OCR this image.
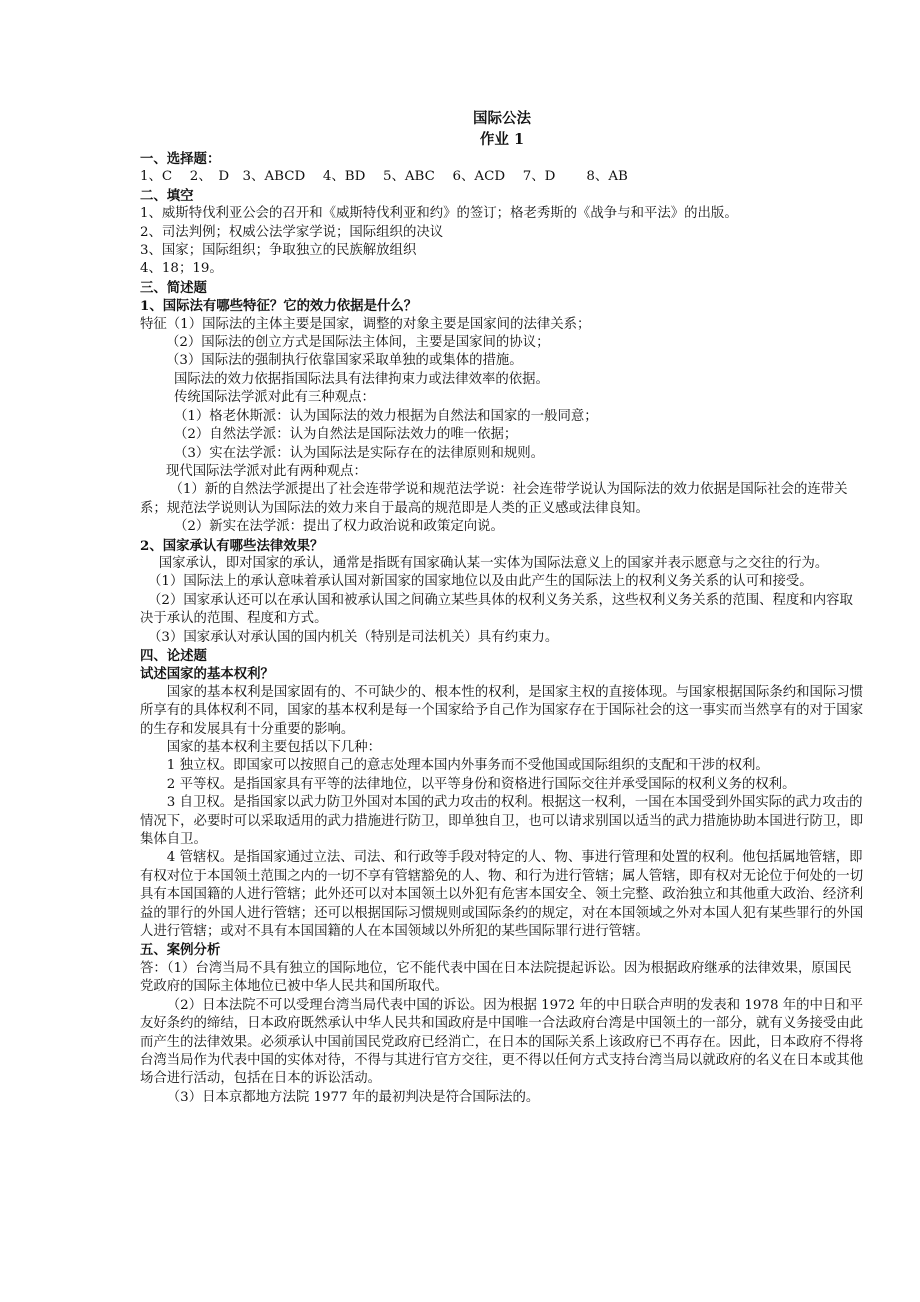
国际公法
作业 1
一、选择题：
1、C　 2、　D　3、ABCD　 4、BD　 5、ABC　 6、ACD　 7、D　　 8、AB
二、填空
1、威斯特伐利亚公会的召开和《威斯特伐利亚和约》的签订；格老秀斯的《战争与和平法》的出版。
2、司法判例；权威公法学家学说；国际组织的决议
3、国家；国际组织；争取独立的民族解放组织
4、18；19。
三、简述题
1、国际法有哪些特征？它的效力依据是什么？
特征（1）国际法的主体主要是国家，调整的对象主要是国家间的法律关系；
（2）国际法的创立方式是国际法主体间，主要是国家间的协议；
（3）国际法的强制执行依靠国家采取单独的或集体的措施。
国际法的效力依据指国际法具有法律拘束力或法律效率的依据。
传统国际法学派对此有三种观点：
（1）格老休斯派：认为国际法的效力根据为自然法和国家的一般同意；
（2）自然法学派：认为自然法是国际法效力的唯一依据；
（3）实在法学派：认为国际法是实际存在的法律原则和规则。
现代国际法学派对此有两种观点：
（1）新的自然法学派提出了社会连带学说和规范法学说：社会连带学说认为国际法的效力依据是国际社会的连带关系；规范法学说则认为国际法的效力来自于最高的规范即是人类的正义感或法律良知。
（2）新实在法学派：提出了权力政治说和政策定向说。
2、国家承认有哪些法律效果？
国家承认，即对国家的承认，通常是指既有国家确认某一实体为国际法意义上的国家并表示愿意与之交往的行为。
（1）国际法上的承认意味着承认国对新国家的国家地位以及由此产生的国际法上的权利义务关系的认可和接受。
（2）国家承认还可以在承认国和被承认国之间确立某些具体的权利义务关系，这些权利义务关系的范围、程度和内容取决于承认的范围、程度和方式。
（3）国家承认对承认国的国内机关（特别是司法机关）具有约束力。
四、论述题
试述国家的基本权利？
国家的基本权利是国家固有的、不可缺少的、根本性的权利，是国家主权的直接体现。与国家根据国际条约和国际习惯所享有的具体权利不同，国家的基本权利是每一个国家给予自己作为国家存在于国际社会的这一事实而当然享有的对于国家的生存和发展具有十分重要的影响。
国家的基本权利主要包括以下几种：
1 独立权。即国家可以按照自己的意志处理本国内外事务而不受他国或国际组织的支配和干涉的权利。
2 平等权。是指国家具有平等的法律地位，以平等身份和资格进行国际交往并承受国际的权利义务的权利。
3 自卫权。是指国家以武力防卫外国对本国的武力攻击的权利。根据这一权利，一国在本国受到外国实际的武力攻击的情况下，必要时可以采取适用的武力措施进行防卫，即单独自卫，也可以请求别国以适当的武力措施协助本国进行防卫，即集体自卫。
4 管辖权。是指国家通过立法、司法、和行政等手段对特定的人、物、事进行管理和处置的权利。他包括属地管辖，即有权对位于本国领土范围之内的一切不享有管辖豁免的人、物、和行为进行管辖；属人管辖，即有权对无论位于何处的一切具有本国国籍的人进行管辖；此外还可以对本国领土以外犯有危害本国安全、领土完整、政治独立和其他重大政治、经济利益的罪行的外国人进行管辖；还可以根据国际习惯规则或国际条约的规定，对在本国领域之外对本国人犯有某些罪行的外国人进行管辖；或对不具有本国国籍的人在本国领域以外所犯的某些国际罪行进行管辖。
五、案例分析
答：（1）台湾当局不具有独立的国际地位，它不能代表中国在日本法院提起诉讼。因为根据政府继承的法律效果，原国民党政府的国际主体地位已被中华人民共和国所取代。
（2）日本法院不可以受理台湾当局代表中国的诉讼。因为根据 1972 年的中日联合声明的发表和 1978 年的中日和平友好条约的缔结，日本政府既然承认中华人民共和国政府是中国唯一合法政府台湾是中国领土的一部分，就有义务接受由此而产生的法律效果。必须承认中国前国民党政府已经消亡，在日本的国际关系上该政府已不再存在。因此，日本政府不得将台湾当局作为代表中国的实体对待，不得与其进行官方交往，更不得以任何方式支持台湾当局以就政府的名义在日本或其他场合进行活动，包括在日本的诉讼活动。
（3）日本京都地方法院 1977 年的最初判决是符合国际法的。
